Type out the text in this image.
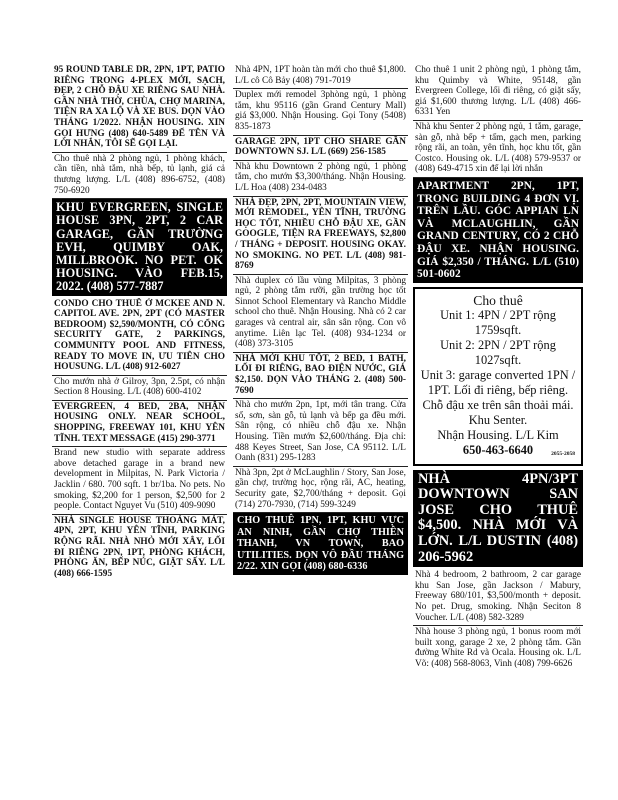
95 ROUND TABLE DR, 2PN, 1PT, PATIO RIÊNG TRONG 4-PLEX MỚI, SẠCH, ĐẸP, 2 CHỖ ĐẬU XE RIÊNG SAU NHÀ. GẦN NHÀ THỜ, CHÙA, CHỢ MARINA, TIỆN RA XA LỘ VÀ XE BUS. DỌN VÀO THÁNG 1/2022. NHẬN HOUSING. XIN GỌI HƯNG (408) 640-5489 ĐỂ TÊN VÀ LỜI NHẮN, TÔI SẼ GỌI LẠI.
Cho thuê nhà 2 phòng ngủ, 1 phòng khách, cần tiền, nhà tắm, nhà bếp, tủ lạnh, giá cả thương lượng. L/L (408) 896-6752, (408) 750-6920
KHU EVERGREEN, SINGLE HOUSE 3PN, 2PT, 2 CAR GARAGE, GẦN TRƯỜNG EVH, QUIMBY OAK, MILLBROOK. NO PET. OK HOUSING. VÀO FEB.15, 2022. (408) 577-7887
CONDO CHO THUÊ Ở MCKEE AND N. CAPITOL AVE. 2PN, 2PT (CÓ MASTER BEDROOM) $2,590/MONTH, CÓ CỔNG SECURITY GATE, 2 PARKINGS, COMMUNITY POOL AND FITNESS, READY TO MOVE IN, ƯU TIÊN CHO HOUSUNG. L/L (408) 912-6027
Cho mướn nhà ở Gilroy, 3pn, 2.5pt, có nhận Section 8 Housing. L/L (408) 600-4102
EVERGREEN, 4 BED, 2BA, NHẬN HOUSING ONLY. NEAR SCHOOL, SHOPPING, FREEWAY 101, KHU YÊN TĨNH. TEXT MESSAGE (415) 290-3771
Brand new studio with separate address above detached garage in a brand new development in Milpitas, N. Park Victoria / Jacklin / 680. 700 sqft. 1 br/1ba. No pets. No smoking, $2,200 for 1 person, $2,500 for 2 people. Contact Nguyet Vu (510) 409-9090
NHÀ SINGLE HOUSE THOÁNG MÁT, 4PN, 2PT, KHU YÊN TĨNH, PARKING RỘNG RÃI. NHÀ NHỎ MỚI XÂY, LỐI ĐI RIÊNG 2PN, 1PT, PHÒNG KHÁCH, PHÒNG ĂN, BẾP NÚC, GIẶT SẤY. L/L (408) 666-1595
Nhà 4PN, 1PT hoàn tàn mới cho thuê $1,800. L/L cô Cô Bảy (408) 791-7019
Duplex mới remodel 3phòng ngủ, 1 phòng tắm, khu 95116 (gần Grand Century Mall) giá $3,000. Nhận Housing. Gọi Tony (5408) 835-1873
GARAGE 2PN, 1PT CHO SHARE GẦN DOWNTOWN SJ. L/L (669) 256-1585
Nhà khu Downtown 2 phòng ngủ, 1 phòng tắm, cho mướn $3,300/tháng. Nhận Housing. L/L Hoa (408) 234-0483
NHÀ ĐẸP, 2PN, 2PT, MOUNTAIN VIEW, MỚI REMODEL, YÊN TĨNH, TRƯỜNG HỌC TỐT, NHIỀU CHỖ ĐẬU XE, GẦN GOOGLE, TIỆN RA FREEWAYS, $2,800 / THÁNG + DEPOSIT. HOUSING OKAY. NO SMOKING. NO PET. L/L (408) 981-8769
Nhà duplex có lầu vùng Milpitas, 3 phòng ngủ, 2 phòng tắm rưỡi, gần trường học tốt Sinnot School Elementary và Rancho Middle school cho thuê. Nhận Housing. Nhà có 2 car garages và central air, sân sân rộng. Con vô anytime. Liên lạc Tel. (408) 934-1234 or (408) 373-3105
NHÀ MỚI KHU TỐT, 2 BED, 1 BATH, LỐI ĐI RIÊNG, BAO ĐIỆN NƯỚC, GIÁ $2,150. DỌN VÀO THÁNG 2. (408) 500-7690
Nhà cho mướn 2pn, 1pt, mới tân trang. Cửa sổ, sơn, sàn gỗ, tủ lạnh và bếp ga đều mới. Sân rộng, có nhiều chỗ đậu xe. Nhận Housing. Tiền mướn $2,600/tháng. Địa chỉ: 488 Keyes Street, San Jose, CA 95112. L/L Oanh (831) 295-1283
Nhà 3pn, 2pt ở McLaughlin / Story, San Jose, gần chợ, trường học, rộng rãi, AC, heating, Security gate, $2,700/tháng + deposit. Gọi (714) 270-7930, (714) 599-3249
CHO THUÊ 1PN, 1PT, KHU VỰC AN NINH, GẦN CHỢ THIÊN THANH, VN TOWN, BAO UTILITIES. DỌN VÔ ĐẦU THÁNG 2/22. XIN GỌI (408) 680-6336
Cho thuê 1 unit 2 phòng ngủ, 1 phòng tắm, khu Quimby và White, 95148, gần Evergreen College, lối đi riêng, có giặt sấy, giá $1,600 thương lượng. L/L (408) 466-6331 Yen
Nhà khu Senter 2 phòng ngủ, 1 tắm, garage, sàn gỗ, nhà bếp + tấm, gạch men, parking rộng rãi, an toàn, yên tĩnh, học khu tốt, gần Costco. Housing ok. L/L (408) 579-9537 or (408) 649-4715 xin để lại lời nhắn
APARTMENT 2PN, 1PT, TRONG BUILDING 4 ĐƠN VỊ. TRÊN LẦU. GÓC APPIAN LN VÀ MCLAUGHLIN, GẦN GRAND CENTURY, CÓ 2 CHỖ ĐẬU XE. NHẬN HOUSING. GIÁ $2,350 / THÁNG. L/L (510) 501-0602
Cho thuê
Unit 1: 4PN / 2PT rộng 1759sqft.
Unit 2: 2PN / 2PT rộng 1027sqft.
Unit 3: garage converted 1PN / 1PT. Lối đi riêng, bếp riêng. Chỗ đậu xe trên sân thoải mái.
Khu Senter.
Nhận Housing. L/L Kim
650-463-6640	2055-2058
NHÀ 4PN/3PT DOWNTOWN SAN JOSE CHO THUÊ $4,500. NHÀ MỚI VÀ LỚN. L/L DUSTIN (408) 206-5962
Nhà 4 bedroom, 2 bathroom, 2 car garage khu San Jose, gần Jackson / Mabury, Freeway 680/101, $3,500/month + deposit. No pet. Drug, smoking. Nhận Seciton 8 Voucher. L/L (408) 582-3289
Nhà house 3 phòng ngủ, 1 bonus room mới built xong, garage 2 xe, 2 phòng tắm. Gần đường White Rd và Ocala. Housing ok. L/L Võ: (408) 568-8063, Vinh (408) 799-6626
